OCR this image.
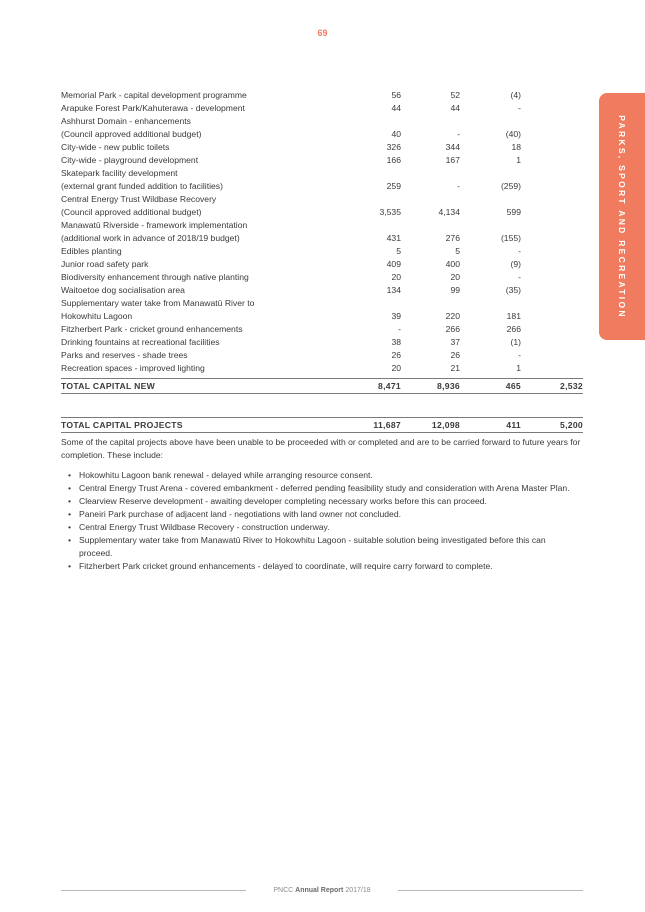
69
PARKS, SPORT AND RECREATION
Memorial Park - capital development programme	56	52	(4)
Arapuke Forest Park/Kahuterawa - development	44	44	-
Ashhurst Domain - enhancements
(Council approved additional budget)	40	-	(40)
City-wide - new public toilets	326	344	18
City-wide - playground development	166	167	1
Skatepark facility development
(external grant funded addition to facilities)	259	-	(259)
Central Energy Trust Wildbase Recovery
(Council approved additional budget)	3,535	4,134	599
Manawatū Riverside - framework implementation
(additional work in advance of 2018/19 budget)	431	276	(155)
Edibles planting	5	5	-
Junior road safety park	409	400	(9)
Biodiversity enhancement through native planting	20	20	-
Waitoetoe dog socialisation area	134	99	(35)
Supplementary water take from Manawatū River to
Hokowhitu Lagoon	39	220	181
Fitzherbert Park - cricket ground enhancements	-	266	266
Drinking fountains at recreational facilities	38	37	(1)
Parks and reserves - shade trees	26	26	-
Recreation spaces - improved lighting	20	21	1
TOTAL CAPITAL NEW	8,471	8,936	465	2,532
TOTAL CAPITAL PROJECTS	11,687	12,098	411	5,200

Some of the capital projects above have been unable to be proceeded with or completed and are to be carried forward to future years for completion. These include:

• Hokowhitu Lagoon bank renewal - delayed while arranging resource consent.
• Central Energy Trust Arena - covered embankment - deferred pending feasibility study and consideration with Arena Master Plan.
• Clearview Reserve development - awaiting developer completing necessary works before this can proceed.
• Paneiri Park purchase of adjacent land - negotiations with land owner not concluded.
• Central Energy Trust Wildbase Recovery - construction underway.
• Supplementary water take from Manawatū River to Hokowhitu Lagoon - suitable solution being investigated before this can proceed.
• Fitzherbert Park cricket ground enhancements - delayed to coordinate, will require carry forward to complete.
PNCC Annual Report 2017/18
